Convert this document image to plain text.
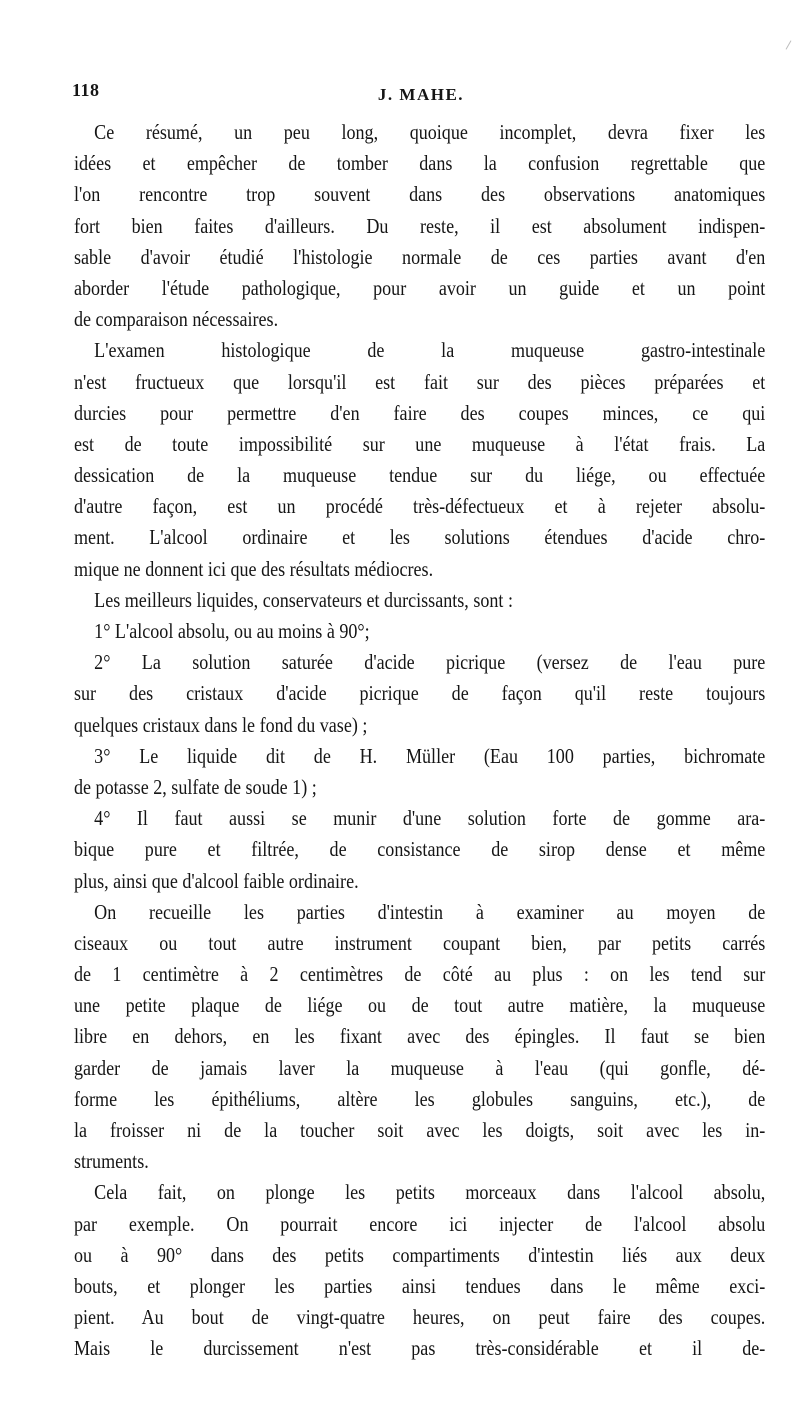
118	J. MAHE.
Ce résumé, un peu long, quoique incomplet, devra fixer les
idées et empêcher de tomber dans la confusion regrettable que
l'on rencontre trop souvent dans des observations anatomiques
fort bien faites d'ailleurs. Du reste, il est absolument indispen-
sable d'avoir étudié l'histologie normale de ces parties avant d'en
aborder l'étude pathologique, pour avoir un guide et un point
de comparaison nécessaires.
L'examen histologique de la muqueuse gastro-intestinale
n'est fructueux que lorsqu'il est fait sur des pièces préparées et
durcies pour permettre d'en faire des coupes minces, ce qui
est de toute impossibilité sur une muqueuse à l'état frais. La
dessication de la muqueuse tendue sur du liége, ou effectuée
d'autre façon, est un procédé très-défectueux et à rejeter absolu-
ment. L'alcool ordinaire et les solutions étendues d'acide chro-
mique ne donnent ici que des résultats médiocres.
Les meilleurs liquides, conservateurs et durcissants, sont :
1° L'alcool absolu, ou au moins à 90°;
2° La solution saturée d'acide picrique (versez de l'eau pure
sur des cristaux d'acide picrique de façon qu'il reste toujours
quelques cristaux dans le fond du vase) ;
3° Le liquide dit de H. Müller (Eau 100 parties, bichromate
de potasse 2, sulfate de soude 1) ;
4° Il faut aussi se munir d'une solution forte de gomme ara-
bique pure et filtrée, de consistance de sirop dense et même
plus, ainsi que d'alcool faible ordinaire.
On recueille les parties d'intestin à examiner au moyen de
ciseaux ou tout autre instrument coupant bien, par petits carrés
de 1 centimètre à 2 centimètres de côté au plus : on les tend sur
une petite plaque de liége ou de tout autre matière, la muqueuse
libre en dehors, en les fixant avec des épingles. Il faut se bien
garder de jamais laver la muqueuse à l'eau (qui gonfle, dé-
forme les épithéliums, altère les globules sanguins, etc.), de
la froisser ni de la toucher soit avec les doigts, soit avec les in-
struments.
Cela fait, on plonge les petits morceaux dans l'alcool absolu,
par exemple. On pourrait encore ici injecter de l'alcool absolu
ou à 90° dans des petits compartiments d'intestin liés aux deux
bouts, et plonger les parties ainsi tendues dans le même exci-
pient. Au bout de vingt-quatre heures, on peut faire des coupes.
Mais le durcissement n'est pas très-considérable et il de-
